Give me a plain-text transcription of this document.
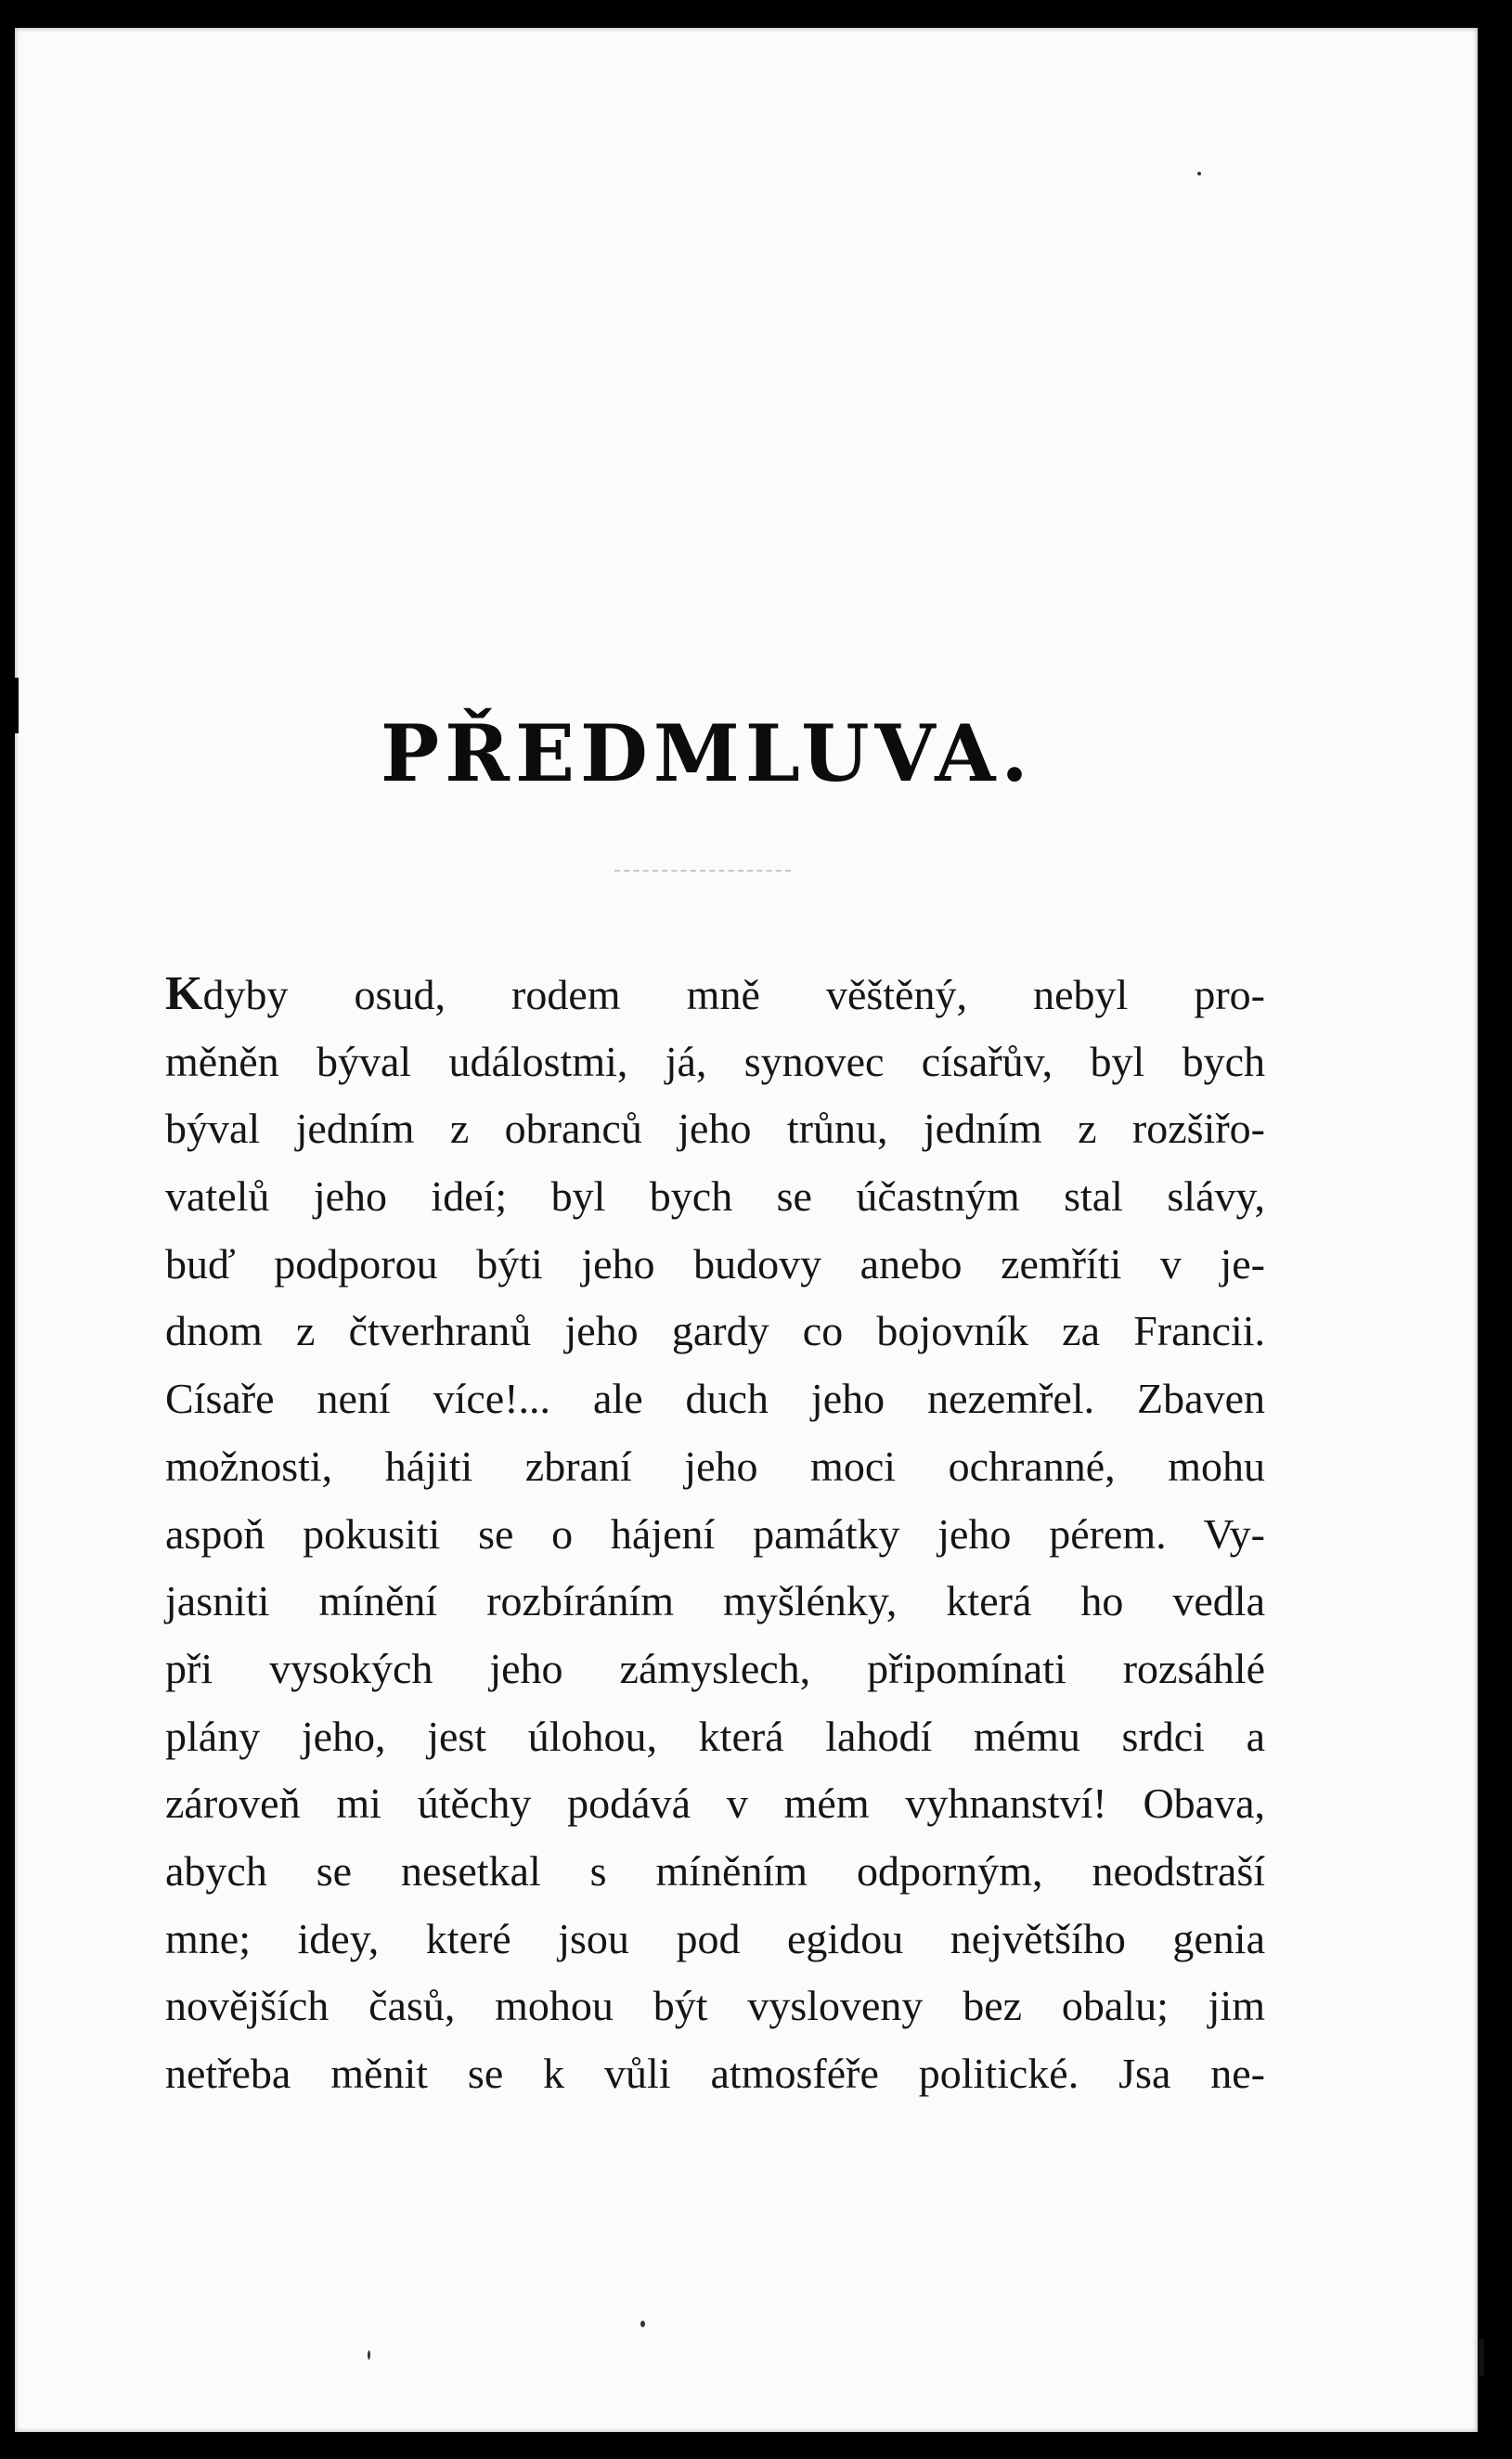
PŘEDMLUVA.
Kdyby osud, rodem mně věštěný, nebyl pro-
měněn býval událostmi, já, synovec císařův, byl bych
býval jedním z obranců jeho trůnu, jedním z rozšiřo-
vatelů jeho ideí; byl bych se účastným stal slávy,
buď podporou býti jeho budovy anebo zemříti v je-
dnom z čtverhranů jeho gardy co bojovník za Francii.
Císaře není více!... ale duch jeho nezemřel. Zbaven
možnosti, hájiti zbraní jeho moci ochranné, mohu
aspoň pokusiti se o hájení památky jeho pérem. Vy-
jasniti mínění rozbíráním myšlénky, která ho vedla
při vysokých jeho zámyslech, připomínati rozsáhlé
plány jeho, jest úlohou, která lahodí mému srdci a
zároveň mi útěchy podává v mém vyhnanství! Obava,
abych se nesetkal s míněním odporným, neodstraší
mne; idey, které jsou pod egidou největšího genia
novějších časů, mohou být vysloveny bez obalu; jim
netřeba měnit se k vůli atmosféře politické. Jsa ne-
